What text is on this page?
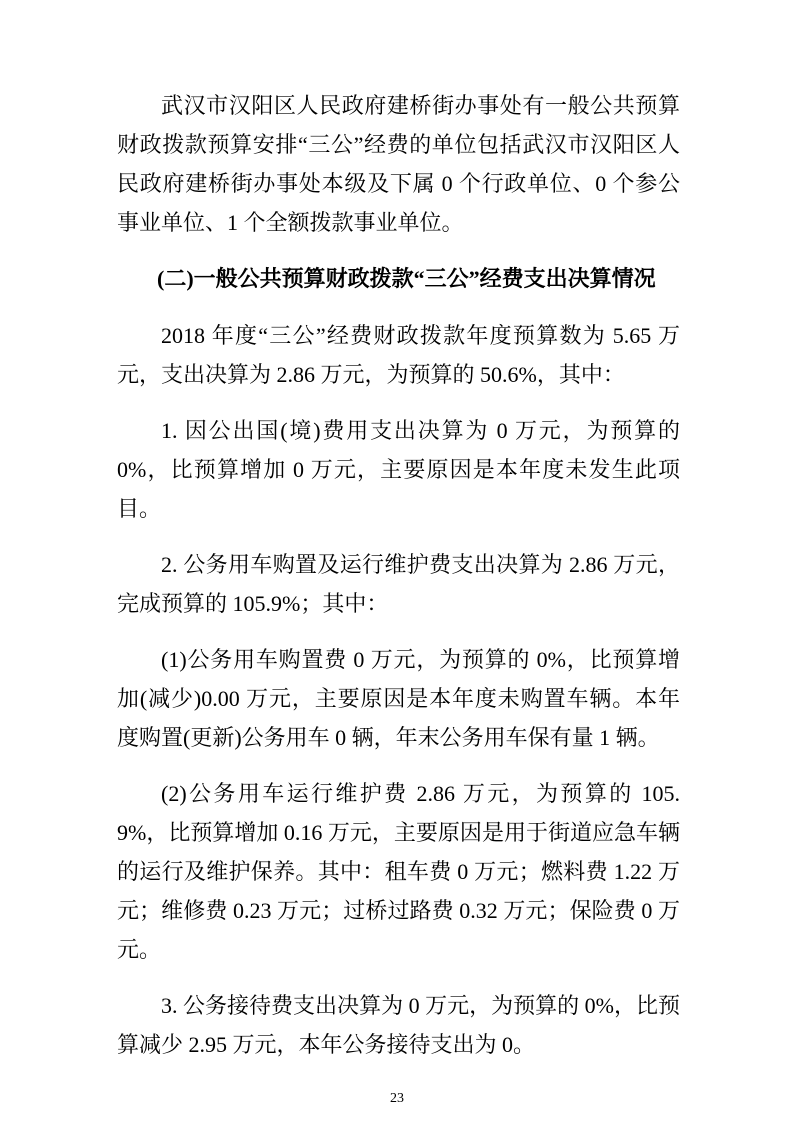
武汉市汉阳区人民政府建桥街办事处有一般公共预算财政拨款预算安排“三公”经费的单位包括武汉市汉阳区人民政府建桥街办事处本级及下属 0 个行政单位、0 个参公事业单位、1 个全额拨款事业单位。

(二)一般公共预算财政拨款“三公”经费支出决算情况

2018 年度“三公”经费财政拨款年度预算数为 5.65 万元，支出决算为 2.86 万元，为预算的 50.6%，其中：

1. 因公出国(境)费用支出决算为 0 万元，为预算的 0%，比预算增加 0 万元，主要原因是本年度未发生此项目。

2. 公务用车购置及运行维护费支出决算为 2.86 万元，完成预算的 105.9%；其中：

(1)公务用车购置费 0 万元，为预算的 0%，比预算增加(减少)0.00 万元，主要原因是本年度未购置车辆。本年度购置(更新)公务用车 0 辆，年末公务用车保有量 1 辆。

(2)公务用车运行维护费 2.86 万元，为预算的 105.9%，比预算增加 0.16 万元，主要原因是用于街道应急车辆的运行及维护保养。其中：租车费 0 万元；燃料费 1.22 万元；维修费 0.23 万元；过桥过路费 0.32 万元；保险费 0 万元。

3. 公务接待费支出决算为 0 万元，为预算的 0%，比预算减少 2.95 万元，本年公务接待支出为 0。

23
